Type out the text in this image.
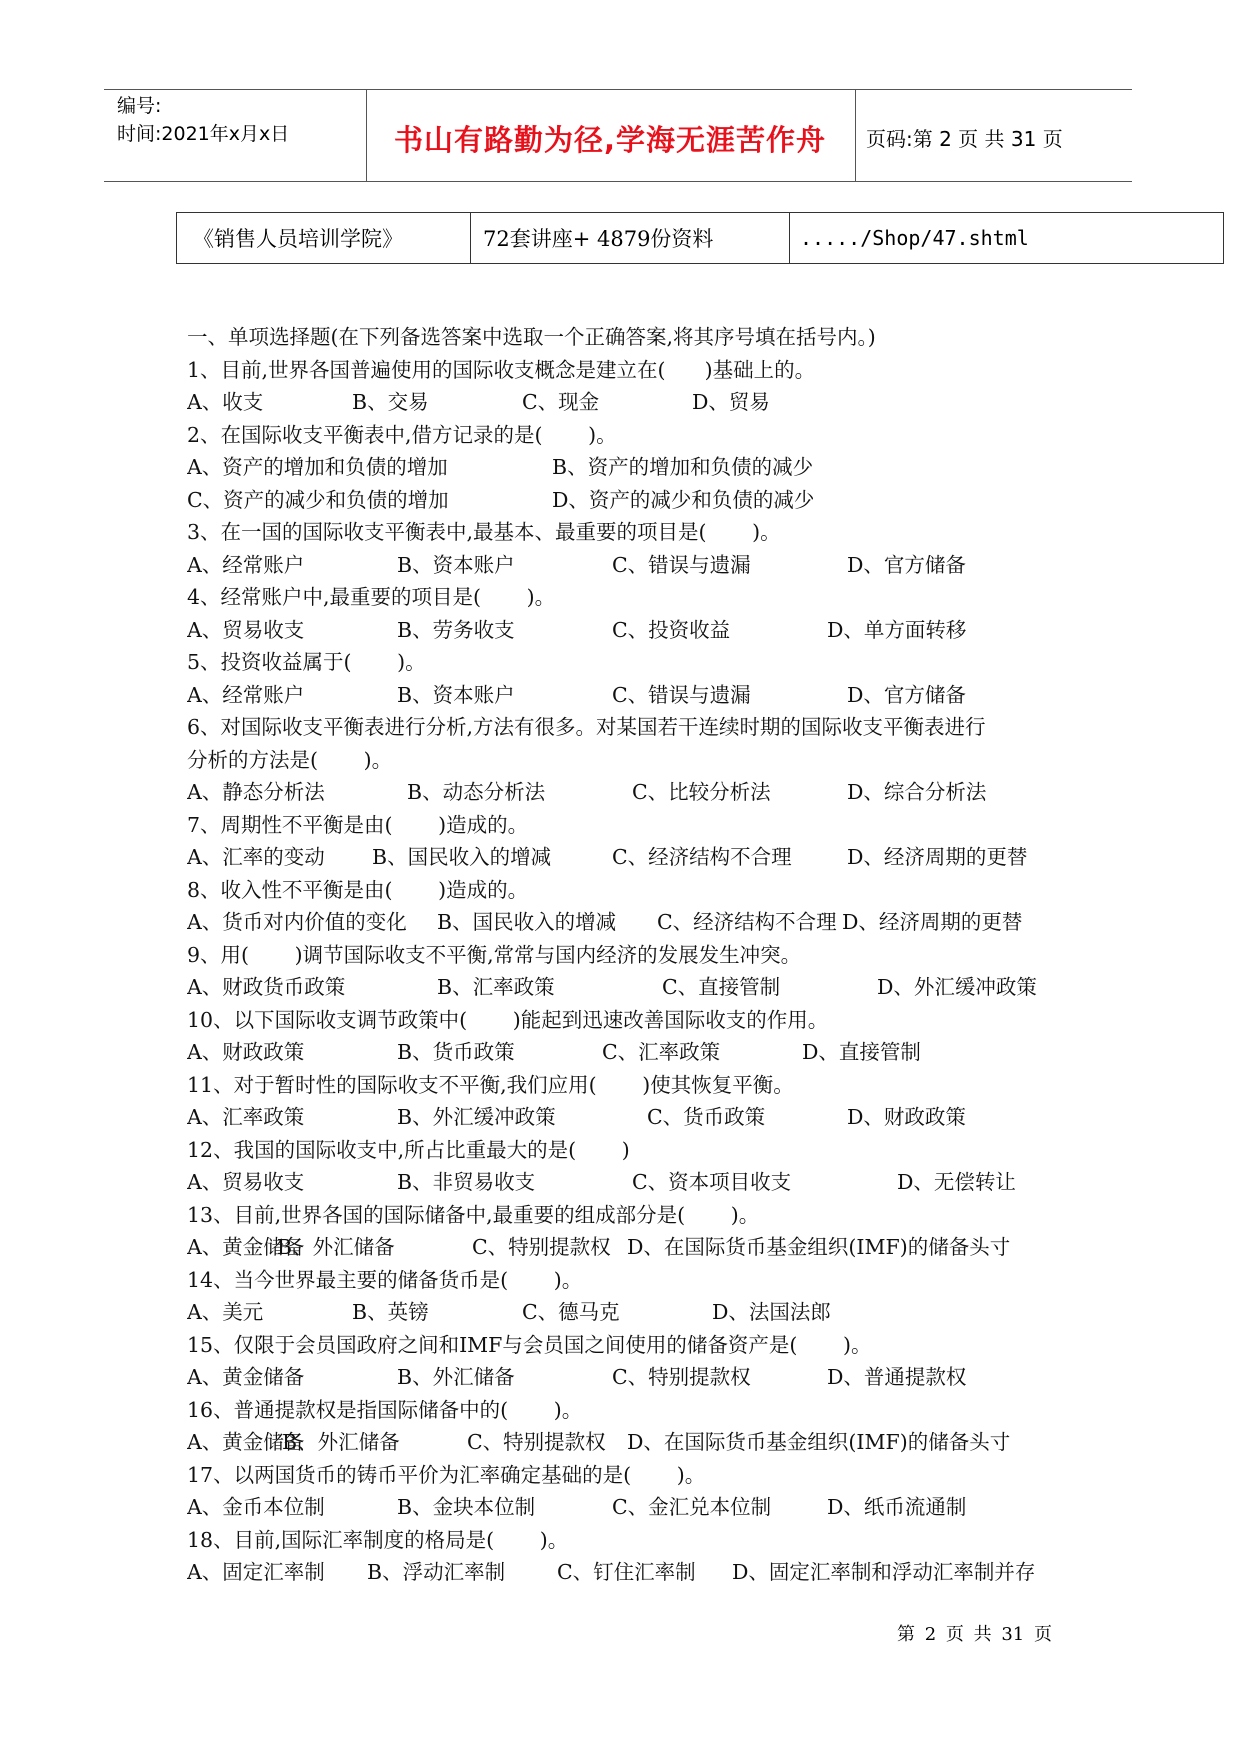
编号:
时间:2021年x月x日	书山有路勤为径,学海无涯苦作舟	页码:第 2 页 共 31 页
《销售人员培训学院》	72套讲座+ 4879份资料	...../Shop/47.shtml
一、单项选择题(在下列备选答案中选取一个正确答案,将其序号填在括号内。)
1、目前,世界各国普遍使用的国际收支概念是建立在(      )基础上的。
A、收支	B、交易	C、现金	D、贸易
2、在国际收支平衡表中,借方记录的是(       )。
A、资产的增加和负债的增加	B、资产的增加和负债的减少
C、资产的减少和负债的增加	D、资产的减少和负债的减少
3、在一国的国际收支平衡表中,最基本、最重要的项目是(       )。
A、经常账户	B、资本账户	C、错误与遗漏	D、官方储备
4、经常账户中,最重要的项目是(       )。
A、贸易收支	B、劳务收支	C、投资收益	D、单方面转移
5、投资收益属于(       )。
A、经常账户	B、资本账户	C、错误与遗漏	D、官方储备
6、对国际收支平衡表进行分析,方法有很多。对某国若干连续时期的国际收支平衡表进行
分析的方法是(       )。
A、静态分析法	B、动态分析法	C、比较分析法	D、综合分析法
7、周期性不平衡是由(       )造成的。
A、汇率的变动 B、国民收入的增减	C、经济结构不合理	D、经济周期的更替
8、收入性不平衡是由(       )造成的。
A、货币对内价值的变化 B、国民收入的增减 C、经济结构不合理 D、经济周期的更替
9、用(       )调节国际收支不平衡,常常与国内经济的发展发生冲突。
A、财政货币政策	B、汇率政策	C、直接管制	D、外汇缓冲政策
10、以下国际收支调节政策中(       )能起到迅速改善国际收支的作用。
A、财政政策	B、货币政策	C、汇率政策	D、直接管制
11、对于暂时性的国际收支不平衡,我们应用(       )使其恢复平衡。
A、汇率政策	B、外汇缓冲政策	C、货币政策	D、财政政策
12、我国的国际收支中,所占比重最大的是(       )
A、贸易收支	B、非贸易收支	C、资本项目收支	D、无偿转让
13、目前,世界各国的国际储备中,最重要的组成部分是(       )。
A、黄金储备
B、外汇储备	C、特别提款权 D、在国际货币基金组织(IMF)的储备头寸
14、当今世界最主要的储备货币是(       )。
A、美元	B、英镑	C、德马克	D、法国法郎
15、仅限于会员国政府之间和IMF与会员国之间使用的储备资产是(       )。
A、黄金储备	B、外汇储备	C、特别提款权	D、普通提款权
16、普通提款权是指国际储备中的(       )。
A、黄金储备
B、外汇储备	C、特别提款权 D、在国际货币基金组织(IMF)的储备头寸
17、以两国货币的铸币平价为汇率确定基础的是(       )。
A、金币本位制	B、金块本位制	C、金汇兑本位制	D、纸币流通制
18、目前,国际汇率制度的格局是(       )。
A、固定汇率制 B、浮动汇率制	C、钉住汇率制 D、固定汇率制和浮动汇率制并存
第 2 页 共 31 页
